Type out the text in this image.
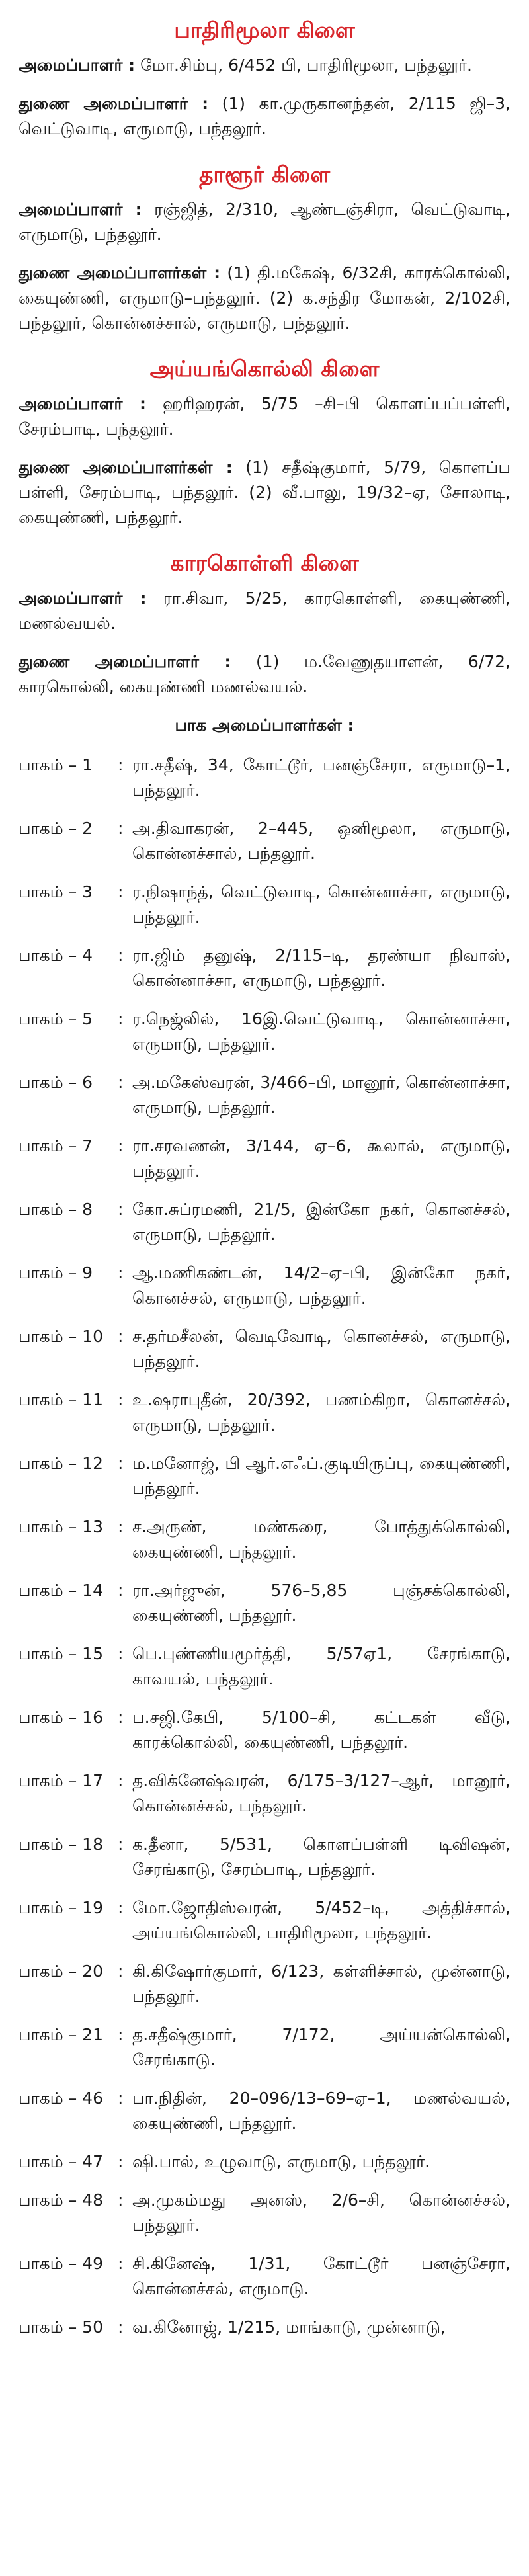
பாதிரிமூலா கிளை

அமைப்பாளர் : மோ.சிம்பு, 6/452 பி, பாதிரிமூலா, பந்தலூர்.

துணை அமைப்பாளர் : (1) கா.முருகானந்தன், 2/115 ஜி–3, வெட்டுவாடி, எருமாடு, பந்தலூர்.

தாளூர் கிளை

அமைப்பாளர் : ரஞ்ஜித், 2/310, ஆண்டஞ்சிரா, வெட்டுவாடி, எருமாடு, பந்தலூர்.

துணை அமைப்பாளர்கள் : (1) தி.மகேஷ், 6/32சி, காரக்கொல்லி, கையுண்ணி, எருமாடு–பந்தலூர். (2) க.சந்திர மோகன், 2/102சி, பந்தலூர், கொன்னச்சால், எருமாடு, பந்தலூர்.

அய்யங்கொல்லி கிளை

அமைப்பாளர் : ஹரிஹரன், 5/75 –சி–பி கொளப்பப்பள்ளி, சேரம்பாடி, பந்தலூர்.

துணை அமைப்பாளர்கள் : (1) சதீஷ்குமார், 5/79, கொளப்ப பள்ளி, சேரம்பாடி, பந்தலூர். (2) வீ.பாலு, 19/32–ஏ, சோலாடி, கையுண்ணி, பந்தலூர்.

காரகொள்ளி கிளை

அமைப்பாளர் : ரா.சிவா, 5/25, காரகொள்ளி, கையுண்ணி, மணல்வயல்.

துணை அமைப்பாளர் : (1) ம.வேணுதயாளன், 6/72, காரகொல்லி, கையுண்ணி மணல்வயல்.

பாக அமைப்பாளர்கள் :
பாகம் – 1	: ரா.சதீஷ், 34, கோட்டூர், பனஞ்சேரா, எருமாடு–1, பந்தலூர்.
பாகம் – 2	: அ.திவாகரன், 2–445, ஒனிமூலா, எருமாடு, கொன்னச்சால், பந்தலூர்.
பாகம் – 3	: ர.நிஷாந்த், வெட்டுவாடி, கொன்னாச்சா, எருமாடு, பந்தலூர்.
பாகம் – 4	: ரா.ஜிம் தனுஷ், 2/115–டி, தரண்யா நிவாஸ், கொன்னாச்சா, எருமாடு, பந்தலூர்.
பாகம் – 5	: ர.நெஜ்லில், 16இ.வெட்டுவாடி, கொன்னாச்சா, எருமாடு, பந்தலூர்.
பாகம் – 6	: அ.மகேஸ்வரன், 3/466–பி, மானூர், கொன்னாச்சா, எருமாடு, பந்தலூர்.
பாகம் – 7	: ரா.சரவணன், 3/144, ஏ–6, கூலால், எருமாடு, பந்தலூர்.
பாகம் – 8	: கோ.சுப்ரமணி, 21/5, இன்கோ நகர், கொனச்சல், எருமாடு, பந்தலூர்.
பாகம் – 9	: ஆ.மணிகண்டன், 14/2–ஏ–பி, இன்கோ நகர், கொனச்சல், எருமாடு, பந்தலூர்.
பாகம் – 10 : ச.தர்மசீலன், வெடிவோடி, கொனச்சல், எருமாடு, பந்தலூர்.
பாகம் – 11 : உ.ஷராபுதீன், 20/392, பணம்கிறா, கொனச்சல், எருமாடு, பந்தலூர்.
பாகம் – 12 : ம.மனோஜ், பி ஆர்.எஃப்.குடியிருப்பு, கையுண்ணி, பந்தலூர்.
பாகம் – 13 : ச.அருண், மண்கரை, போத்துக்கொல்லி, கையுண்ணி, பந்தலூர்.
பாகம் – 14 : ரா.அர்ஜுன், 576–5,85 புஞ்சக்கொல்லி, கையுண்ணி, பந்தலூர்.
பாகம் – 15 : பெ.புண்ணியமூர்த்தி, 5/57ஏ1, சேரங்காடு, காவயல், பந்தலூர்.
பாகம் – 16 : ப.சஜி.கேபி, 5/100–சி, கட்டகள் வீடு, காரக்கொல்லி, கையுண்ணி, பந்தலூர்.
பாகம் – 17 : த.விக்னேஷ்வரன், 6/175–3/127–ஆர், மானூர், கொன்னச்சல், பந்தலூர்.
பாகம் – 18 : க.தீனா, 5/531, கொளப்பள்ளி டிவிஷன், சேரங்காடு, சேரம்பாடி, பந்தலூர்.
பாகம் – 19 : மோ.ஜோதிஸ்வரன், 5/452–டி, அத்திச்சால், அய்யங்கொல்லி, பாதிரிமூலா, பந்தலூர்.
பாகம் – 20 : கி.கிஷோர்குமார், 6/123, கள்ளிச்சால், முன்னாடு, பந்தலூர்.
பாகம் – 21 : த.சதீஷ்குமார், 7/172, அய்யன்கொல்லி, சேரங்காடு.
பாகம் – 46 : பா.நிதின், 20–096/13–69–ஏ–1, மணல்வயல், கையுண்ணி, பந்தலூர்.
பாகம் – 47 : ஷி.பால், உழுவாடு, எருமாடு, பந்தலூர்.
பாகம் – 48 : அ.முகம்மது அனஸ், 2/6–சி, கொன்னச்சல், பந்தலூர்.
பாகம் – 49 : சி.கினேஷ், 1/31, கோட்டூர் பனஞ்சேரா, கொன்னச்சல், எருமாடு.
பாகம் – 50 : வ.கினோஜ், 1/215, மாங்காடு, முன்னாடு,
